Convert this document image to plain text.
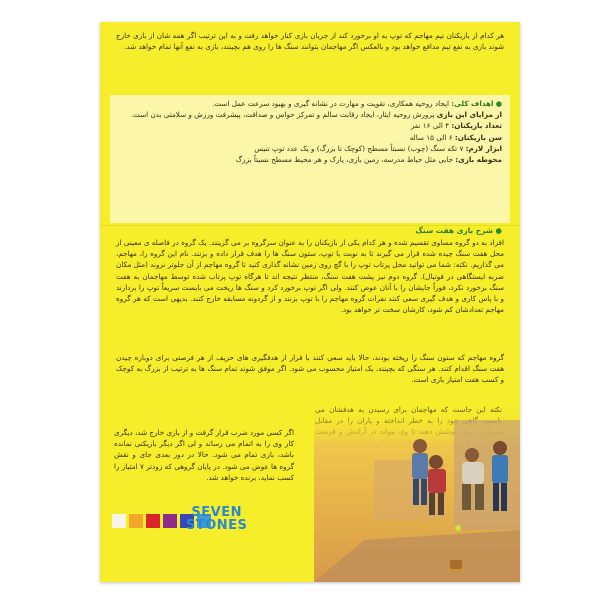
هر کدام از بازیکنان تیم مهاجم که توپ به او برخورد کند از جریان بازی کنار خواهد رفت و به این ترتیب اگر همه شان از بازی خارج شوند بازی به نفع تیم مدافع خواهد بود و بالعکس اگر مهاجمان بتوانند سنگ ها را روی هم بچینند، بازی به نفع آنها تمام خواهد شد.

● اهداف کلی: ایجاد روحیه همکاری، تقویت و مهارت در نشانه گیری و بهبود سرعت عمل است.
از مزایای این بازی پرورش روحیه ایثار، ایجاد رقابت سالم و تمرکز حواس و صداقت، پیشرفت ورزش و سلامتی بدن است.
تعداد بازیکنان: ۴ الی ۱۶ نفر
سن بازیکنان: ۶ الی ۱۵ ساله
ابزار لازم: ۷ تکه سنگ (چوب) نسبتاً مسطح (کوچک تا بزرگ) و یک عدد توپ تنیس
محوطه بازی: جایی مثل حیاط مدرسه، زمین بازی، پارک و هر محیط مسطح نسبتاً بزرگ

● شرح بازی هفت سنگ

افراد به دو گروه مساوی تقسیم شده و هر کدام یکی از بازیکنان را به عنوان سرگروه بر می گزینند. یک گروه در فاصله ی معینی از محل هفت سنگ چیده شده قرار می گیرند تا به نوبت با توپ، ستون سنگ ها را هدف قرار داده و بزنند. نام این گروه را، مهاجم، می گذاریم. نکته: شما می توانید محل پرتاب توپ را با گچ روی زمین نشانه گذاری کنید تا گروه مهاجم از آن جلوتر نروند (مثل مکان ضربه ایستگاهی در فوتبال). گروه دوم نیز پشت هفت سنگ، منتظر نتیجه اند تا هرگاه توپ پرتاب شده توسط مهاجمان به هفت سنگ برخورد نکرد، فوراً جایشان را با آنان عوض کنند. ولی اگر توپ برخورد کرد و سنگ ها ریخت می بایست سریعاً توپ را بردارند و با پاس کاری و هدف گیری سعی کنند نفرات گروه مهاجم را با توپ بزنند و از گردونه مسابقه خارج کنند. بدیهی است که هر گروه مهاجم تعدادشان کم شود، کارشان سخت تر خواهد بود.

گروه مهاجم که ستون سنگ را ریخته بودند، حالا باید سعی کنند با فرار از هدفگیری های حریف از هر فرصتی برای دوباره چیدن هفت سنگ اقدام کنند. هر سنگی که بچینند، یک امتیاز محسوب می شود. اگر موفق شوند تمام سنگ ها به ترتیب از بزرگ به کوچک و کسب هفت امتیاز بازی است.

اگر کسی مورد ضرب قرار گرفت و از بازی خارج شد، دیگری کار وی را به اتمام می رساند و لی اگر دیگر بازیکنی نمانده باشد، بازی تمام می شود. حالا در دور بعدی جای و نقش گروه ها عوض می شود. در پایان گروهی که زودتر ۷ امتیاز را کسب نماید، برنده خواهد شد.

SEVEN
STONES
